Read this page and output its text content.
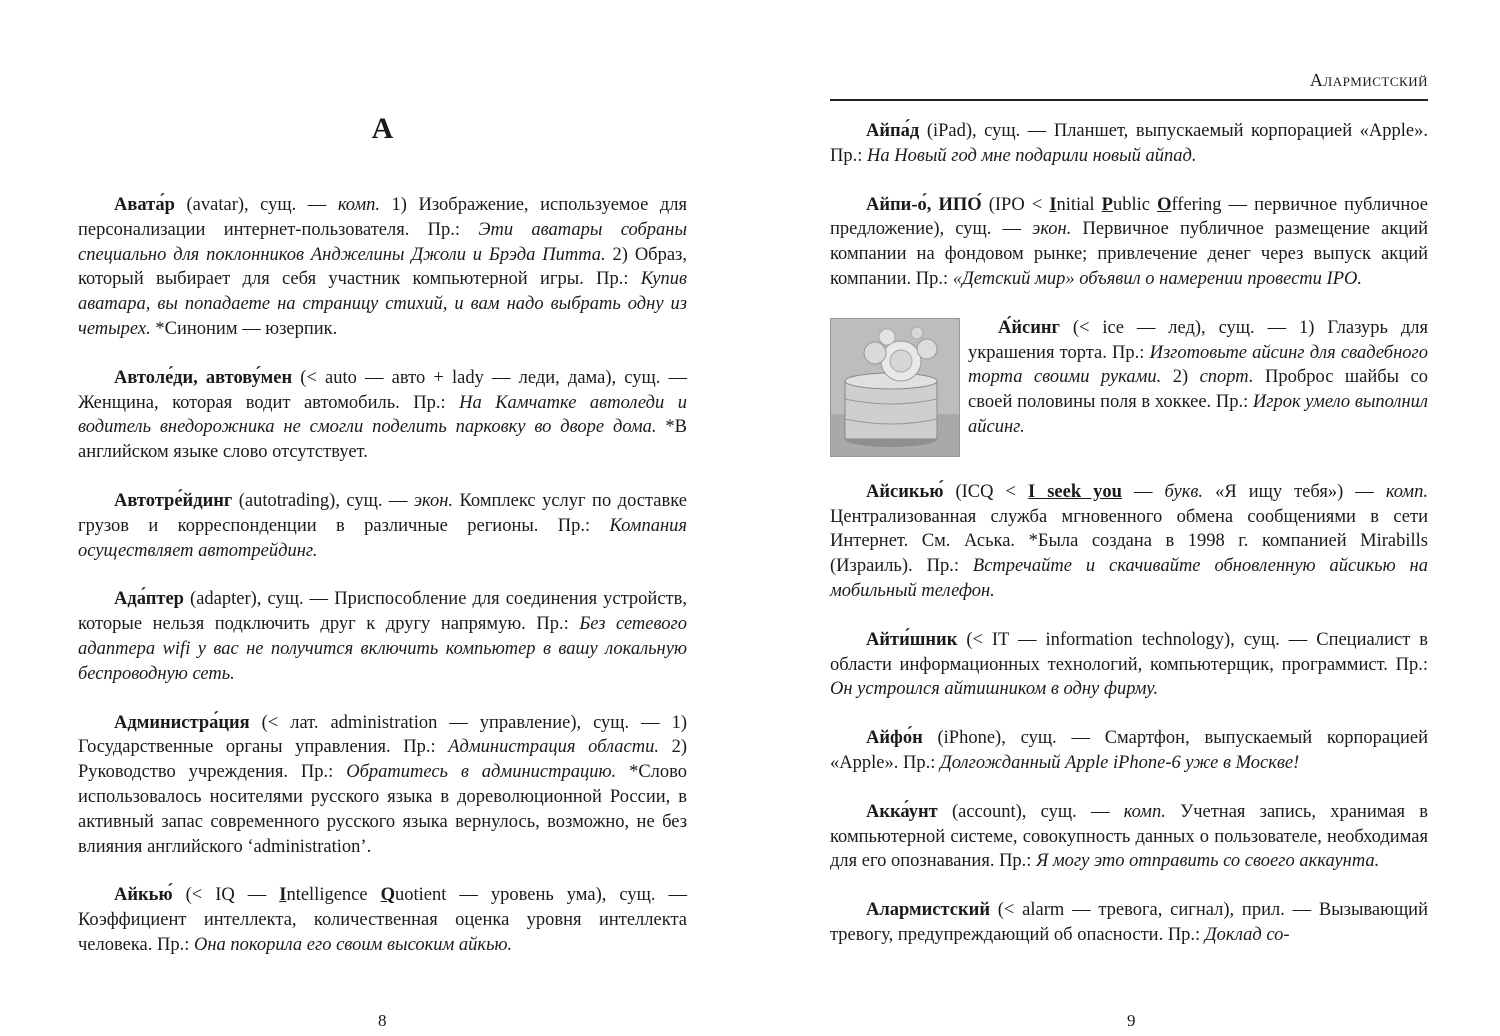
А

Авата́р (avatar), сущ. — комп. 1) Изображение, используемое для персонализации интернет-пользователя. Пр.: Эти аватары собраны специально для поклонников Анджелины Джоли и Брэда Питта. 2) Образ, который выбирает для себя участник компьютерной игры. Пр.: Купив аватара, вы попадаете на страницу стихий, и вам надо выбрать одну из четырех. *Синоним — юзерпик.

Автоле́ди, автову́мен (< auto — авто + lady — леди, дама), сущ. — Женщина, которая водит автомобиль. Пр.: На Камчатке автоледи и водитель внедорожника не смогли поделить парковку во дворе дома. *В английском языке слово отсутствует.

Автотре́йдинг (autotrading), сущ. — экон. Комплекс услуг по доставке грузов и корреспонденции в различные регионы. Пр.: Компания осуществляет автотрейдинг.

Ада́птер (adapter), сущ. — Приспособление для соединения устройств, которые нельзя подключить друг к другу напрямую. Пр.: Без сетевого адаптера wifi у вас не получится включить компьютер в вашу локальную беспроводную сеть.

Администра́ция (< лат. administration — управление), сущ. — 1) Государственные органы управления. Пр.: Администрация области. 2) Руководство учреждения. Пр.: Обратитесь в администрацию. *Слово использовалось носителями русского языка в дореволюционной России, в активный запас современного русского языка вернулось, возможно, не без влияния английского ‘administration’.

Айкью́ (< IQ — Intelligence Quotient — уровень ума), сущ. — Коэффициент интеллекта, количественная оценка уровня интеллекта человека. Пр.: Она покорила его своим высоким айкью.

8
Алармистский

Айпа́д (iPad), сущ. — Планшет, выпускаемый корпорацией «Apple». Пр.: На Новый год мне подарили новый айпад.

Айпи-о́, ИПО́ (IPO < Initial Public Offering — первичное публичное предложение), сущ. — экон. Первичное публичное размещение акций компании на фондовом рынке; привлечение денег через выпуск акций компании. Пр.: «Детский мир» объявил о намерении провести IPO.

А́йсинг (< ice — лед), сущ. — 1) Глазурь для украшения торта. Пр.: Изготовьте айсинг для свадебного торта своими руками. 2) спорт. Проброс шайбы со своей половины поля в хоккее. Пр.: Игрок умело выполнил айсинг.

Айсикью́ (ICQ < I seek you — букв. «Я ищу тебя») — комп. Централизованная служба мгновенного обмена сообщениями в сети Интернет. См. Аська. *Была создана в 1998 г. компанией Mirabills (Израиль). Пр.: Встречайте и скачивайте обновленную айсикью на мобильный телефон.

Айти́шник (< IT — information technology), сущ. — Специалист в области информационных технологий, компьютерщик, программист. Пр.: Он устроился айтишником в одну фирму.

Айфо́н (iPhone), сущ. — Смартфон, выпускаемый корпорацией «Apple». Пр.: Долгожданный Apple iPhone-6 уже в Москве!

Акка́унт (account), сущ. — комп. Учетная запись, хранимая в компьютерной системе, совокупность данных о пользователе, необходимая для его опознавания. Пр.: Я могу это отправить со своего аккаунта.

Алармистский (< alarm — тревога, сигнал), прил. — Вызывающий тревогу, предупреждающий об опасности. Пр.: Доклад со-

9
